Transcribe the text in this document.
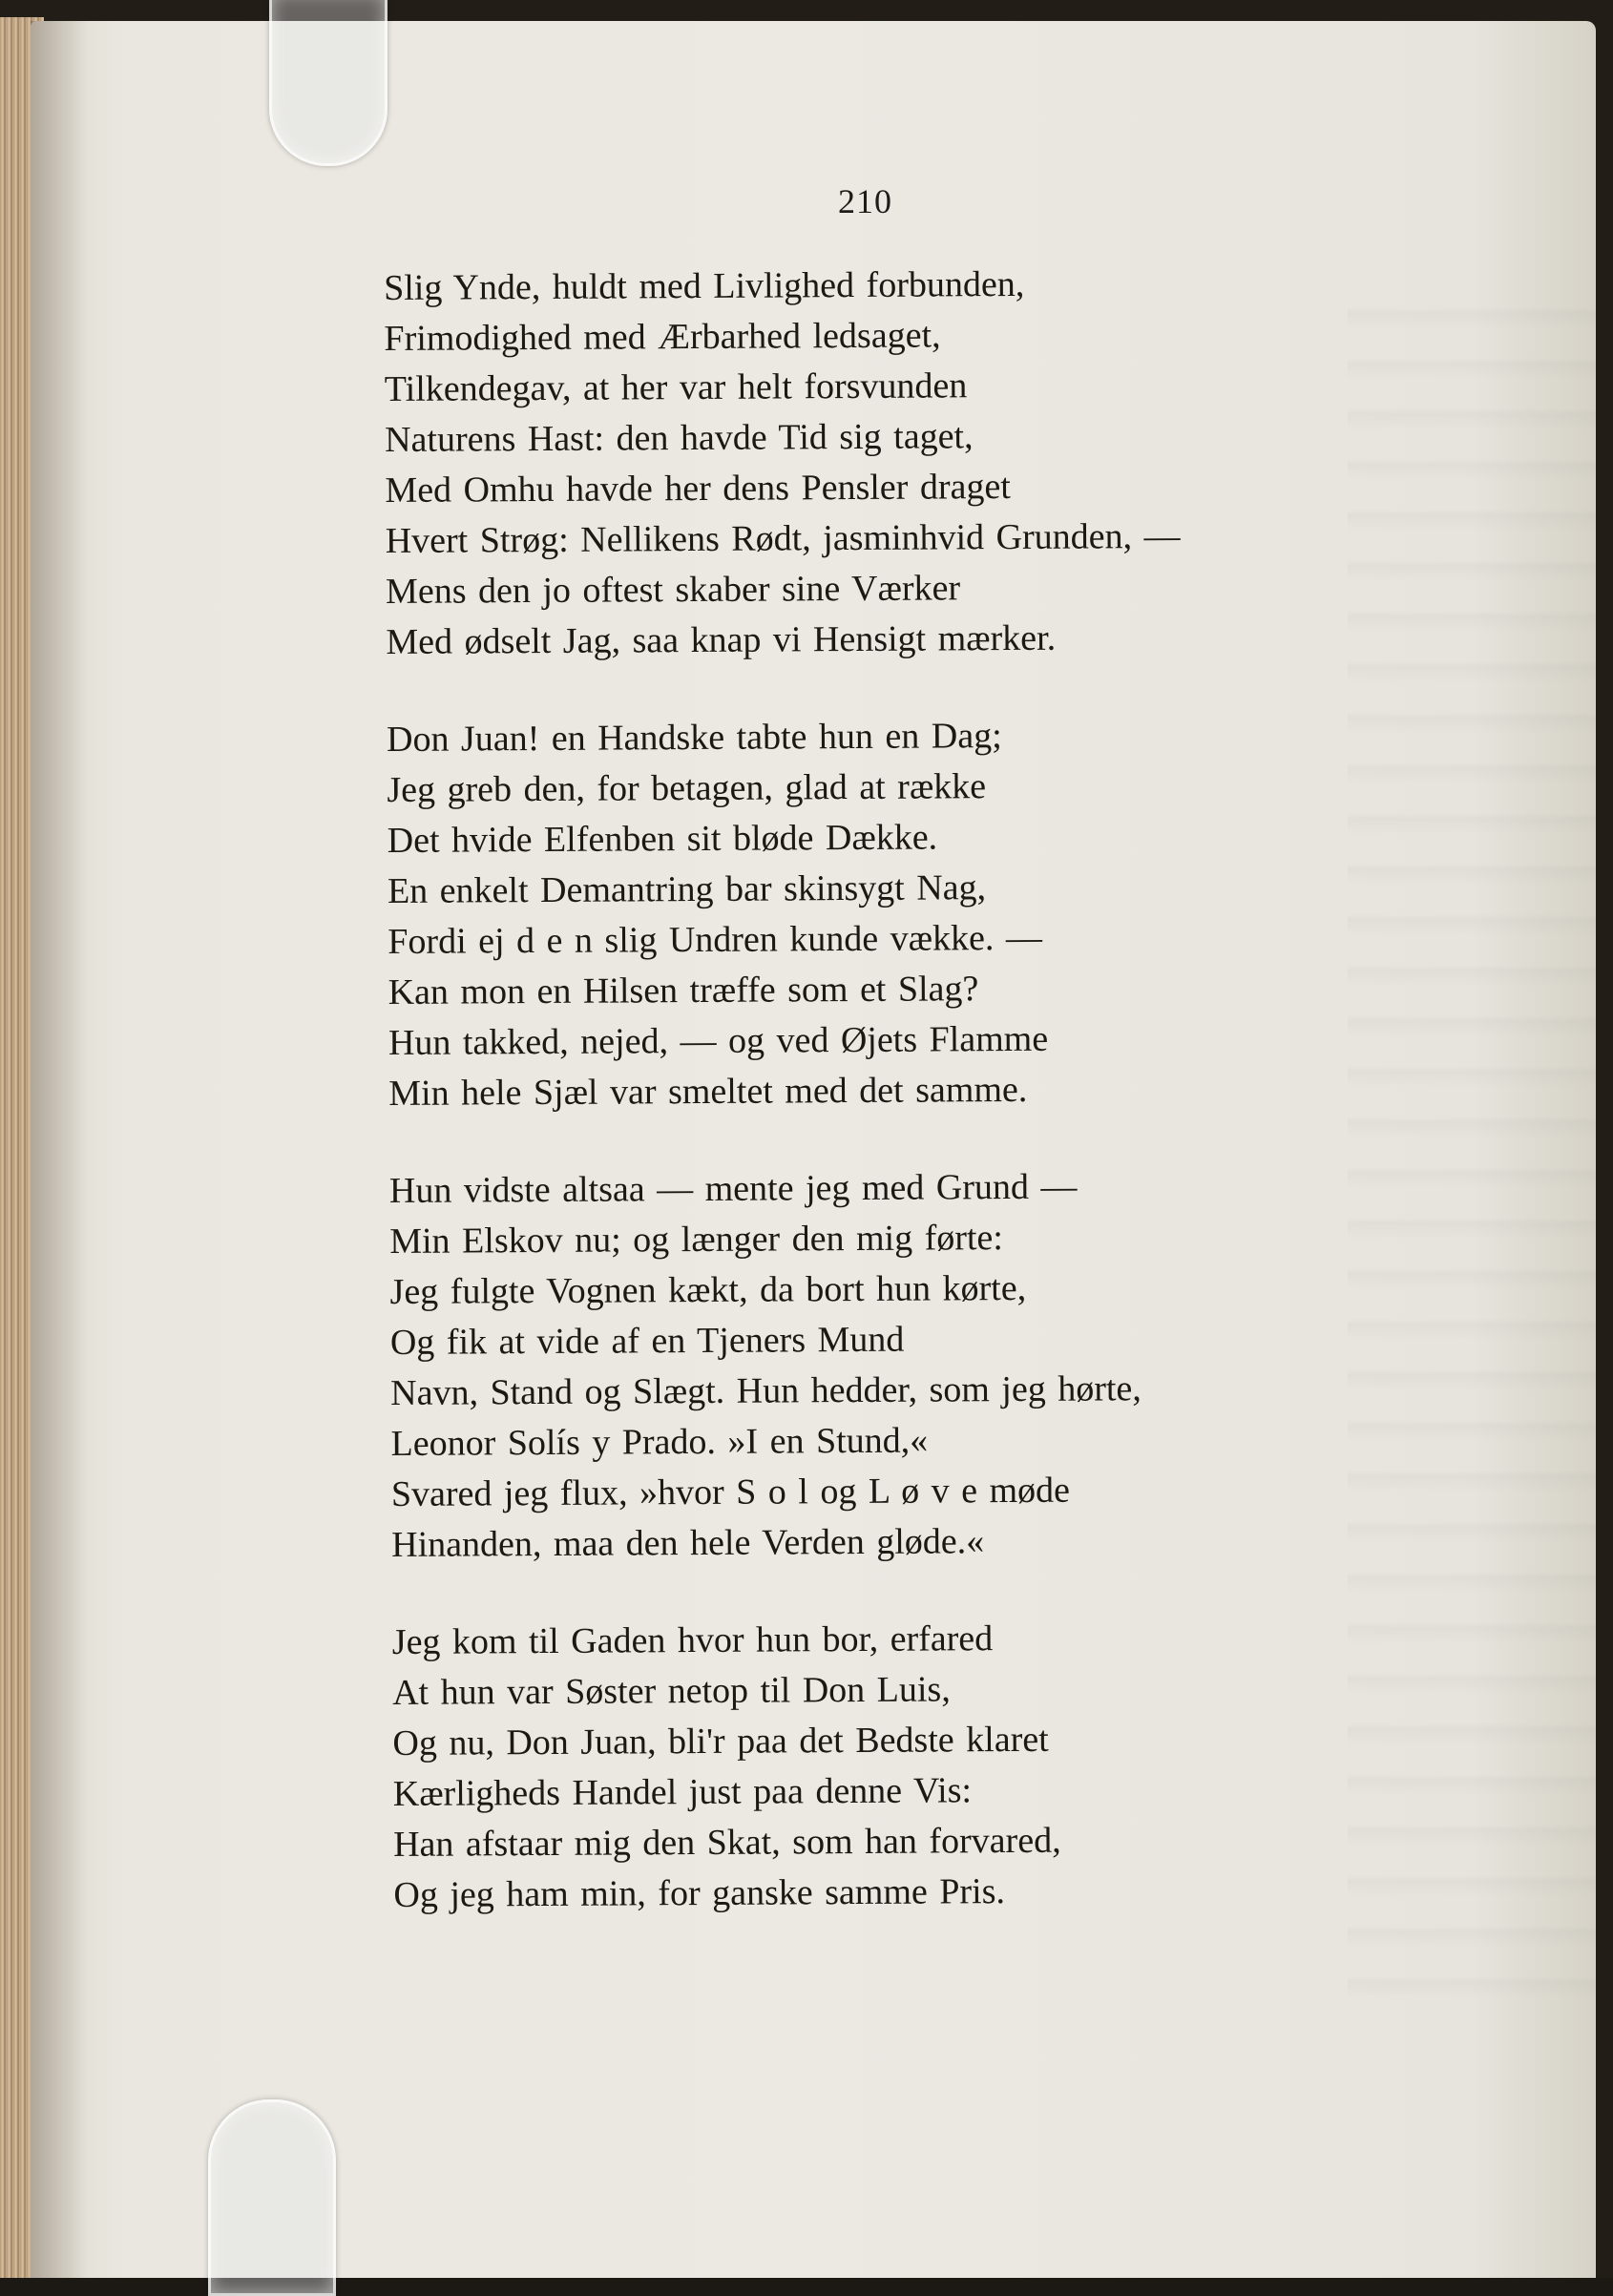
210
Slig Ynde, huldt med Livlighed forbunden,
Frimodighed med Ærbarhed ledsaget,
Tilkendegav, at her var helt forsvunden
Naturens Hast: den havde Tid sig taget,
Med Omhu havde her dens Pensler draget
Hvert Strøg: Nellikens Rødt, jasminhvid Grunden, —
Mens den jo oftest skaber sine Værker
Med ødselt Jag, saa knap vi Hensigt mærker.
Don Juan! en Handske tabte hun en Dag;
Jeg greb den, for betagen, glad at række
Det hvide Elfenben sit bløde Dække.
En enkelt Demantring bar skinsygt Nag,
Fordi ej d e n slig Undren kunde vække. —
Kan mon en Hilsen træffe som et Slag?
Hun takked, nejed, — og ved Øjets Flamme
Min hele Sjæl var smeltet med det samme.
Hun vidste altsaa — mente jeg med Grund —
Min Elskov nu; og længer den mig førte:
Jeg fulgte Vognen kækt, da bort hun kørte,
Og fik at vide af en Tjeners Mund
Navn, Stand og Slægt. Hun hedder, som jeg hørte,
Leonor Solís y Prado. »I en Stund,«
Svared jeg flux, »hvor S o l og L ø v e møde
Hinanden, maa den hele Verden gløde.«
Jeg kom til Gaden hvor hun bor, erfared
At hun var Søster netop til Don Luis,
Og nu, Don Juan, bli'r paa det Bedste klaret
Kærligheds Handel just paa denne Vis:
Han afstaar mig den Skat, som han forvared,
Og jeg ham min, for ganske samme Pris.
